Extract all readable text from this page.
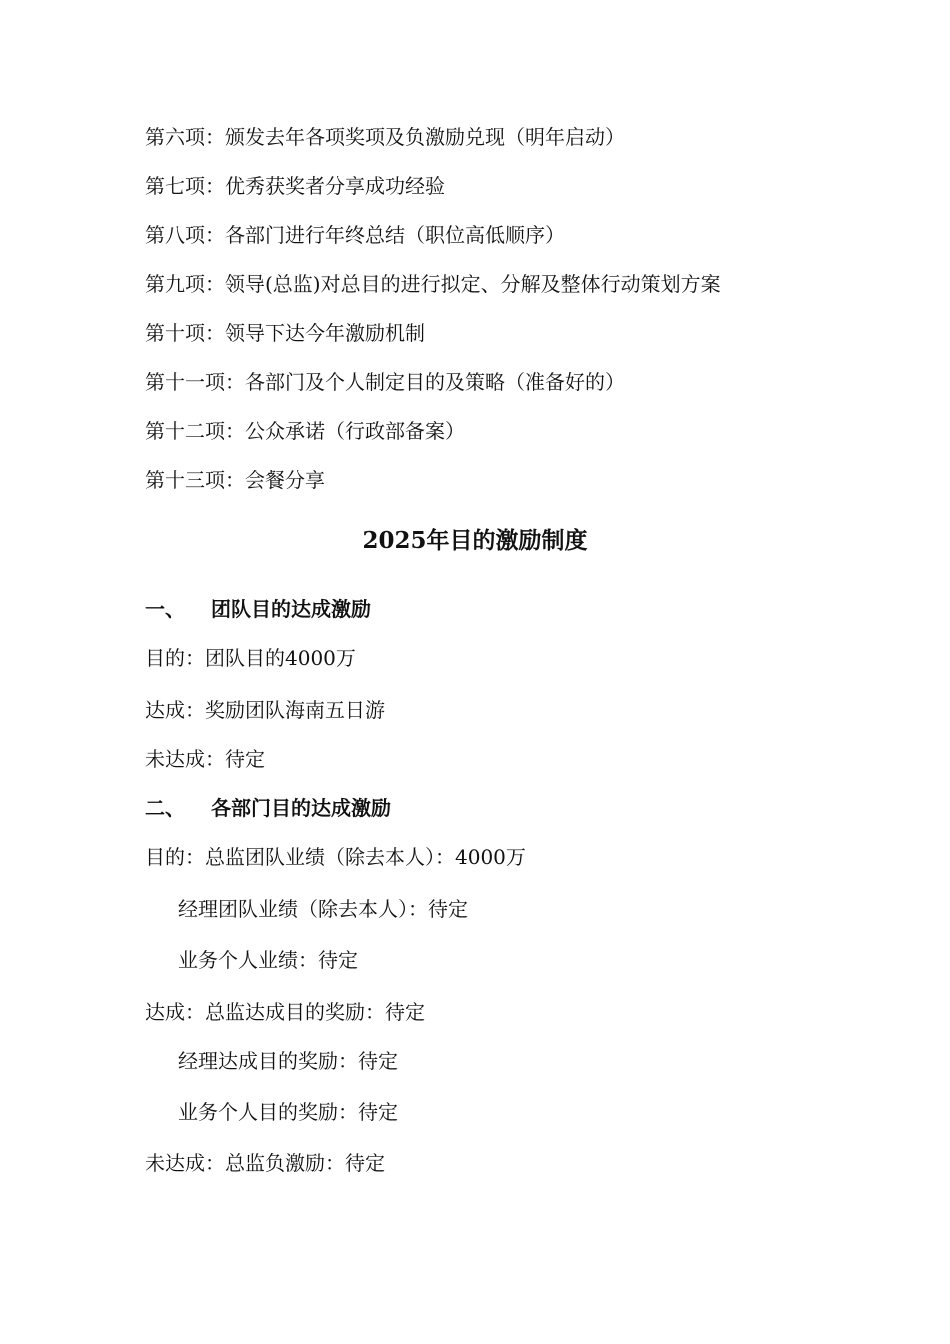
第六项：颁发去年各项奖项及负激励兑现（明年启动）
第七项：优秀获奖者分享成功经验
第八项：各部门进行年终总结（职位高低顺序）
第九项：领导(总监)对总目的进行拟定、分解及整体行动策划方案
第十项：领导下达今年激励机制
第十一项：各部门及个人制定目的及策略（准备好的）
第十二项：公众承诺（行政部备案）
第十三项：会餐分享
2025年目的激励制度
一、 团队目的达成激励
目的：团队目的4000万
达成：奖励团队海南五日游
未达成：待定
二、 各部门目的达成激励
目的：总监团队业绩（除去本人）：4000万
经理团队业绩（除去本人）：待定
业务个人业绩：待定
达成：总监达成目的奖励：待定
经理达成目的奖励：待定
业务个人目的奖励：待定
未达成：总监负激励：待定
